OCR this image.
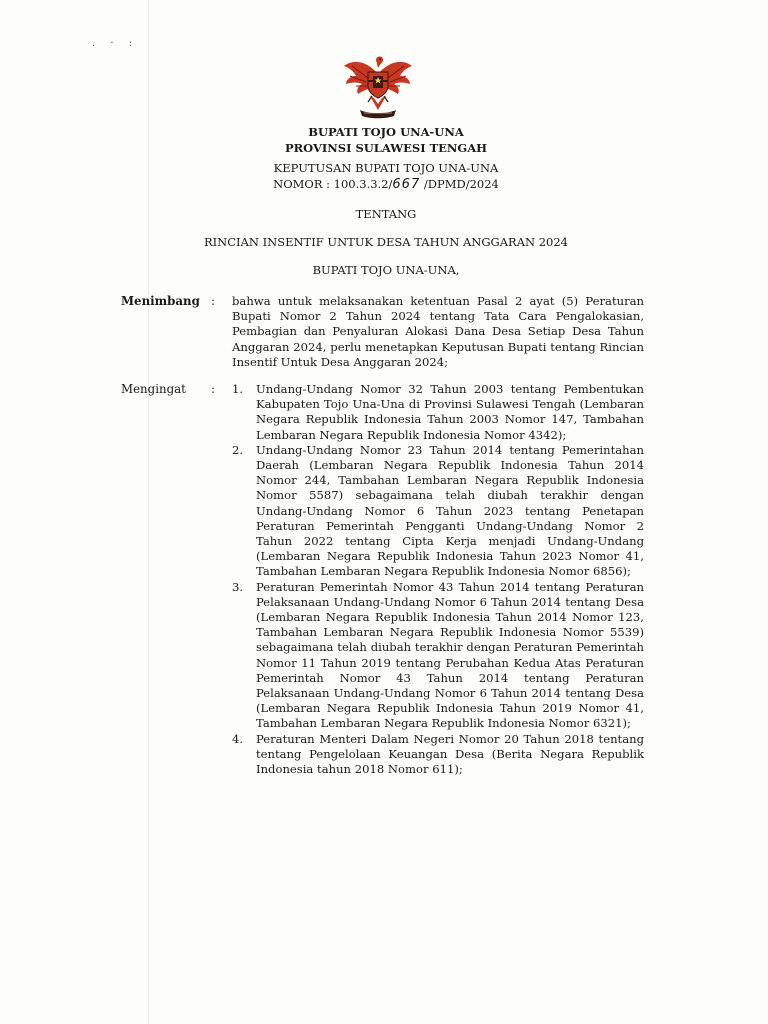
. · :
BUPATI TOJO UNA-UNA
PROVINSI SULAWESI TENGAH
KEPUTUSAN BUPATI TOJO UNA-UNA
NOMOR : 100.3.3.2/667 /DPMD/2024
TENTANG
RINCIAN INSENTIF UNTUK DESA TAHUN ANGGARAN 2024
BUPATI TOJO UNA-UNA,
Menimbang : bahwa untuk melaksanakan ketentuan Pasal 2 ayat (5) Peraturan Bupati Nomor 2 Tahun 2024 tentang Tata Cara Pengalokasian, Pembagian dan Penyaluran Alokasi Dana Desa Setiap Desa Tahun Anggaran 2024, perlu menetapkan Keputusan Bupati tentang Rincian Insentif Untuk Desa Anggaran 2024;
Mengingat : 1.	Undang-Undang Nomor 32 Tahun 2003 tentang Pembentukan Kabupaten Tojo Una-Una di Provinsi Sulawesi Tengah (Lembaran Negara Republik Indonesia Tahun 2003 Nomor 147, Tambahan Lembaran Negara Republik Indonesia Nomor 4342);
2.	Undang-Undang Nomor 23 Tahun 2014 tentang Pemerintahan Daerah (Lembaran Negara Republik Indonesia Tahun 2014 Nomor 244, Tambahan Lembaran Negara Republik Indonesia Nomor 5587) sebagaimana telah diubah terakhir dengan Undang-Undang Nomor 6 Tahun 2023 tentang Penetapan Peraturan Pemerintah Pengganti Undang-Undang Nomor 2 Tahun 2022 tentang Cipta Kerja menjadi Undang-Undang (Lembaran Negara Republik Indonesia Tahun 2023 Nomor 41, Tambahan Lembaran Negara Republik Indonesia Nomor 6856);
3.	Peraturan Pemerintah Nomor 43 Tahun 2014 tentang Peraturan Pelaksanaan Undang-Undang Nomor 6 Tahun 2014 tentang Desa (Lembaran Negara Republik Indonesia Tahun 2014 Nomor 123, Tambahan Lembaran Negara Republik Indonesia Nomor 5539) sebagaimana telah diubah terakhir dengan Peraturan Pemerintah Nomor 11 Tahun 2019 tentang Perubahan Kedua Atas Peraturan Pemerintah Nomor 43 Tahun 2014 tentang Peraturan Pelaksanaan Undang-Undang Nomor 6 Tahun 2014 tentang Desa (Lembaran Negara Republik Indonesia Tahun 2019 Nomor 41, Tambahan Lembaran Negara Republik Indonesia Nomor 6321);
4.	Peraturan Menteri Dalam Negeri Nomor 20 Tahun 2018 tentang tentang Pengelolaan Keuangan Desa (Berita Negara Republik Indonesia tahun 2018 Nomor 611);
